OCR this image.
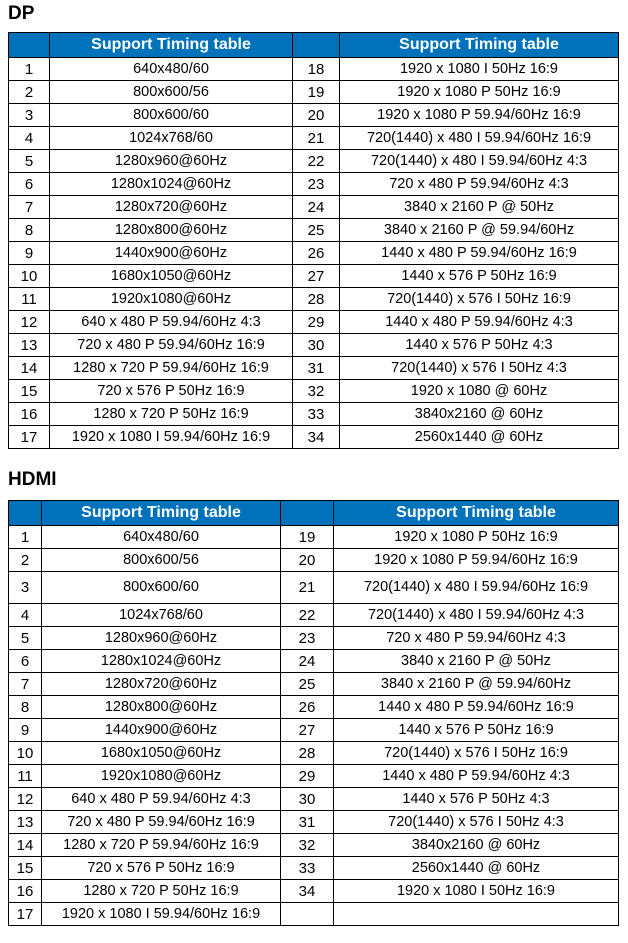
DP
	Support Timing table		Support Timing table
1	640x480/60	18	1920 x 1080 I 50Hz 16:9
2	800x600/56	19	1920 x 1080 P 50Hz 16:9
3	800x600/60	20	1920 x 1080 P 59.94/60Hz 16:9
4	1024x768/60	21	720(1440) x 480 I 59.94/60Hz 16:9
5	1280x960@60Hz	22	720(1440) x 480 I 59.94/60Hz 4:3
6	1280x1024@60Hz	23	720 x 480 P 59.94/60Hz 4:3
7	1280x720@60Hz	24	3840 x 2160 P @ 50Hz
8	1280x800@60Hz	25	3840 x 2160 P @ 59.94/60Hz
9	1440x900@60Hz	26	1440 x 480 P 59.94/60Hz 16:9
10	1680x1050@60Hz	27	1440 x 576 P 50Hz 16:9
11	1920x1080@60Hz	28	720(1440) x 576 I 50Hz 16:9
12	640 x 480 P 59.94/60Hz 4:3	29	1440 x 480 P 59.94/60Hz 4:3
13	720 x 480 P 59.94/60Hz 16:9	30	1440 x 576 P 50Hz 4:3
14	1280 x 720 P 59.94/60Hz 16:9	31	720(1440) x 576 I 50Hz 4:3
15	720 x 576 P 50Hz 16:9	32	1920 x 1080 @ 60Hz
16	1280 x 720 P 50Hz 16:9	33	3840x2160 @ 60Hz
17	1920 x 1080 I 59.94/60Hz 16:9	34	2560x1440 @ 60Hz
HDMI
	Support Timing table		Support Timing table
1	640x480/60	19	1920 x 1080 P 50Hz 16:9
2	800x600/56	20	1920 x 1080 P 59.94/60Hz 16:9
3	800x600/60	21	720(1440) x 480 I 59.94/60Hz 16:9
4	1024x768/60	22	720(1440) x 480 I 59.94/60Hz 4:3
5	1280x960@60Hz	23	720 x 480 P 59.94/60Hz 4:3
6	1280x1024@60Hz	24	3840 x 2160 P @ 50Hz
7	1280x720@60Hz	25	3840 x 2160 P @ 59.94/60Hz
8	1280x800@60Hz	26	1440 x 480 P 59.94/60Hz 16:9
9	1440x900@60Hz	27	1440 x 576 P 50Hz 16:9
10	1680x1050@60Hz	28	720(1440) x 576 I 50Hz 16:9
11	1920x1080@60Hz	29	1440 x 480 P 59.94/60Hz 4:3
12	640 x 480 P 59.94/60Hz 4:3	30	1440 x 576 P 50Hz 4:3
13	720 x 480 P 59.94/60Hz 16:9	31	720(1440) x 576 I 50Hz 4:3
14	1280 x 720 P 59.94/60Hz 16:9	32	3840x2160 @ 60Hz
15	720 x 576 P 50Hz 16:9	33	2560x1440 @ 60Hz
16	1280 x 720 P 50Hz 16:9	34	1920 x 1080 I 50Hz 16:9
17	1920 x 1080 I 59.94/60Hz 16:9		
